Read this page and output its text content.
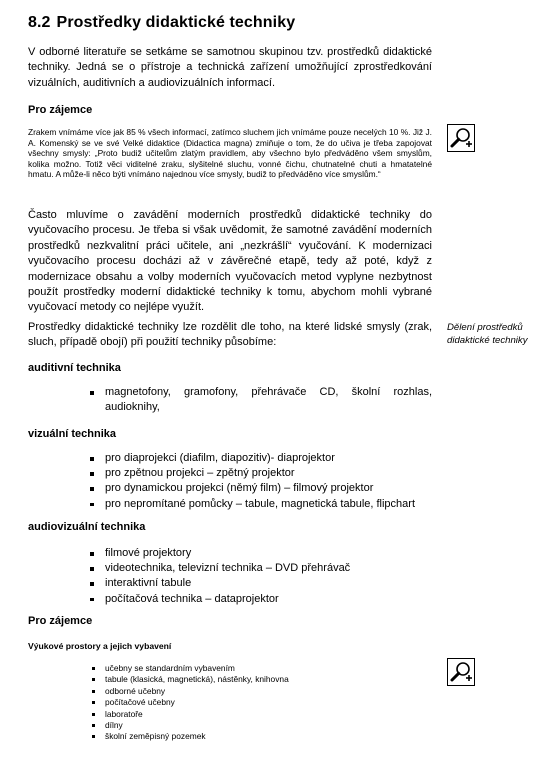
8.2 Prostředky didaktické techniky
V odborné literatuře se setkáme se samotnou skupinou tzv. prostředků didaktické techniky. Jedná se o přístroje a technická zařízení umožňující zprostředkování vizuálních, auditivních a audiovizuálních informací.
Pro zájemce
Zrakem vnímáme více jak 85 % všech informací, zatímco sluchem jich vnímáme pouze necelých 10 %. Již J. A. Komenský se ve své Velké didaktice (Didactica magna) zmiňuje o tom, že do učiva je třeba zapojovat všechny smysly: „Proto budiž učitelům zlatým pravidlem, aby všechno bylo předváděno všem smyslům, kolika možno. Totiž věci viditelné zraku, slyšitelné sluchu, vonné čichu, chutnatelné chuti a hmatatelné hmatu. A může-li něco býti vnímáno najednou více smysly, budiž to předváděno více smyslům.“
Často mluvíme o zavádění moderních prostředků didaktické techniky do vyučovacího procesu. Je třeba si však uvědomit, že samotné zavádění moderních prostředků nezkvalitní práci učitele, ani „nezkrášlí“ vyučování. K modernizaci vyučovacího procesu docházi až v závěrečné etapě, tedy až poté, když z modernizace obsahu a volby moderních vyučovacích metod vyplyne nezbytnost použít prostředky moderní didaktické techniky k tomu, abychom mohli vybrané vyučovací metody co nejlépe využít.
Prostředky didaktické techniky lze rozdělit dle toho, na které lidské smysly (zrak, sluch, případě obojí) při použití techniky působíme:
auditivní technika
magnetofony, gramofony, přehrávače CD, školní rozhlas, audioknihy,
vizuální technika
pro diaprojekci (diafilm, diapozitiv)- diaprojektor
pro zpětnou projekci – zpětný projektor
pro dynamickou projekci (němý film) – filmový projektor
pro nepromítané pomůcky – tabule, magnetická tabule, flipchart
audiovizuální technika
filmové projektory
videotechnika, televizní technika – DVD přehrávač
interaktivní tabule
počítačová technika – dataprojektor
Pro zájemce
Výukové prostory a jejich vybavení
učebny se standardním vybavením
tabule (klasická, magnetická), nástěnky, knihovna
odborné učebny
počítačové učebny
laboratoře
dílny
školní zeměpisný pozemek
Dělení prostředků didaktické techniky
